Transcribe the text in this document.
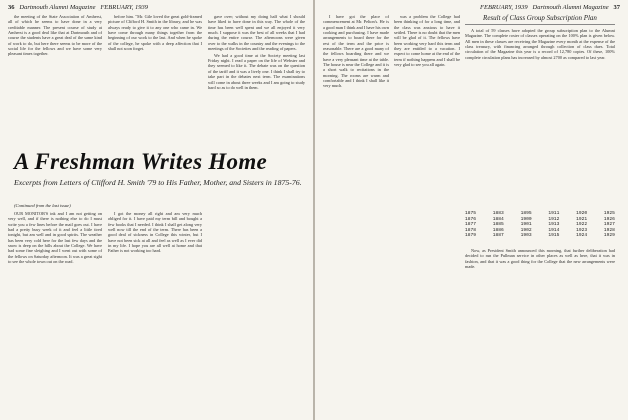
36 Dartmouth Alumni Magazine FEBRUARY, 1939

the meeting of the State Association of Amherst, all of which he seems to have done in a very creditable manner. The present course of study at Amherst is a good deal like that at Dartmouth and of course the students have a great deal of the same kind of work to do, but here there seems to be more of the social life for the fellows and we have some very pleasant times together.

before him. "Mr. Gile loved the great gold-framed picture of Clifford H. Smith in the library, and he was always ready to give it to any one who came in. We have come through many things together from the beginning of our work to the last. And when he spoke of the college, he spoke with a deep affection that I shall not soon forget.

gave over; without my doing half what I should have liked to have done in this way. The whole of the time has been well spent and we all enjoyed it very much. I suppose it was the best of all weeks that I had during the entire course. The afternoons were given over to the walks in the country and the evenings to the meetings of the Societies and the reading of papers.

We had a good time at the Society meeting last Friday night. I read a paper on the life of Webster and they seemed to like it. The debate was on the question of the tariff and it was a lively one. I think I shall try to take part in the debates next term. The examinations will come in about three weeks and I am going to study hard so as to do well in them.

A Freshman Writes Home
Excerpts from Letters of Clifford H. Smith '79 to His Father, Mother, and Sisters in 1875-76.
(Continued from the last issue)

OUR MONITOR'S ink and I am not getting on very well, and if there is nothing else to do I must write you a few lines before the mail goes out. I have had a pretty busy week of it and feel a little tired tonight, but am well and in good spirits. The weather has been very cold here for the last few days and the snow is deep on the hills about the College. We have had some fine sleighing and I went out with some of the fellows on Saturday afternoon. It was a great sight to see the whole town out on the road.

I got the money all right and am very much obliged for it. I have paid my term bill and bought a few books that I needed. I think I shall get along very well now till the end of the term. There has been a good deal of sickness in College this winter, but I have not been sick at all and feel as well as I ever did in my life. I hope you are all well at home and that Father is not working too hard.

FEBRUARY, 1939 Dartmouth Alumni Magazine 37

I have got the place of commencement at Mr. Pelton's. He is a good man I think and I have his own cooking and purchasing. I have made arrangements to board there for the rest of the term and the price is reasonable. There are a good many of the fellows boarding there and we have a very pleasant time at the table. The house is near the College and it is a short walk to recitations in the morning. The rooms are warm and comfortable and I think I shall like it very much.

was a problem the College had been thinking of for a long time, and the class was anxious to have it settled. There is no doubt that the men will be glad of it. The fellows have been working very hard this term and they are entitled to a vacation. I expect to come home at the end of the term if nothing happens and I shall be very glad to see you all again.

Result of Class Group Subscription Plan

A total of 59 classes have adopted the group subscription plan to the Alumni Magazine. The complete roster of classes operating on the 100% plan is given below. All men in these classes are receiving the Magazine every month at the expense of the class treasury, with financing arranged through collection of class dues. Total circulation of the Magazine this year is a record of 12,780 copies. Of these, 100% complete circulation plans has increased by almost 2700 as compared to last year.

1875	1883	1895	1911	1920	1925
1876	1884	1900	1912	1921	1926
1877	1885	1901	1913	1922	1927
1878	1886	1902	1914	1923	1928
1879	1887	1903	1915	1924	1929

Now, as President Smith announced this morning, that further deliberation had decided to run the Pullman service in other places as well as here, that it was in fashion, and that it was a good thing for the College that the new arrangements were made.
